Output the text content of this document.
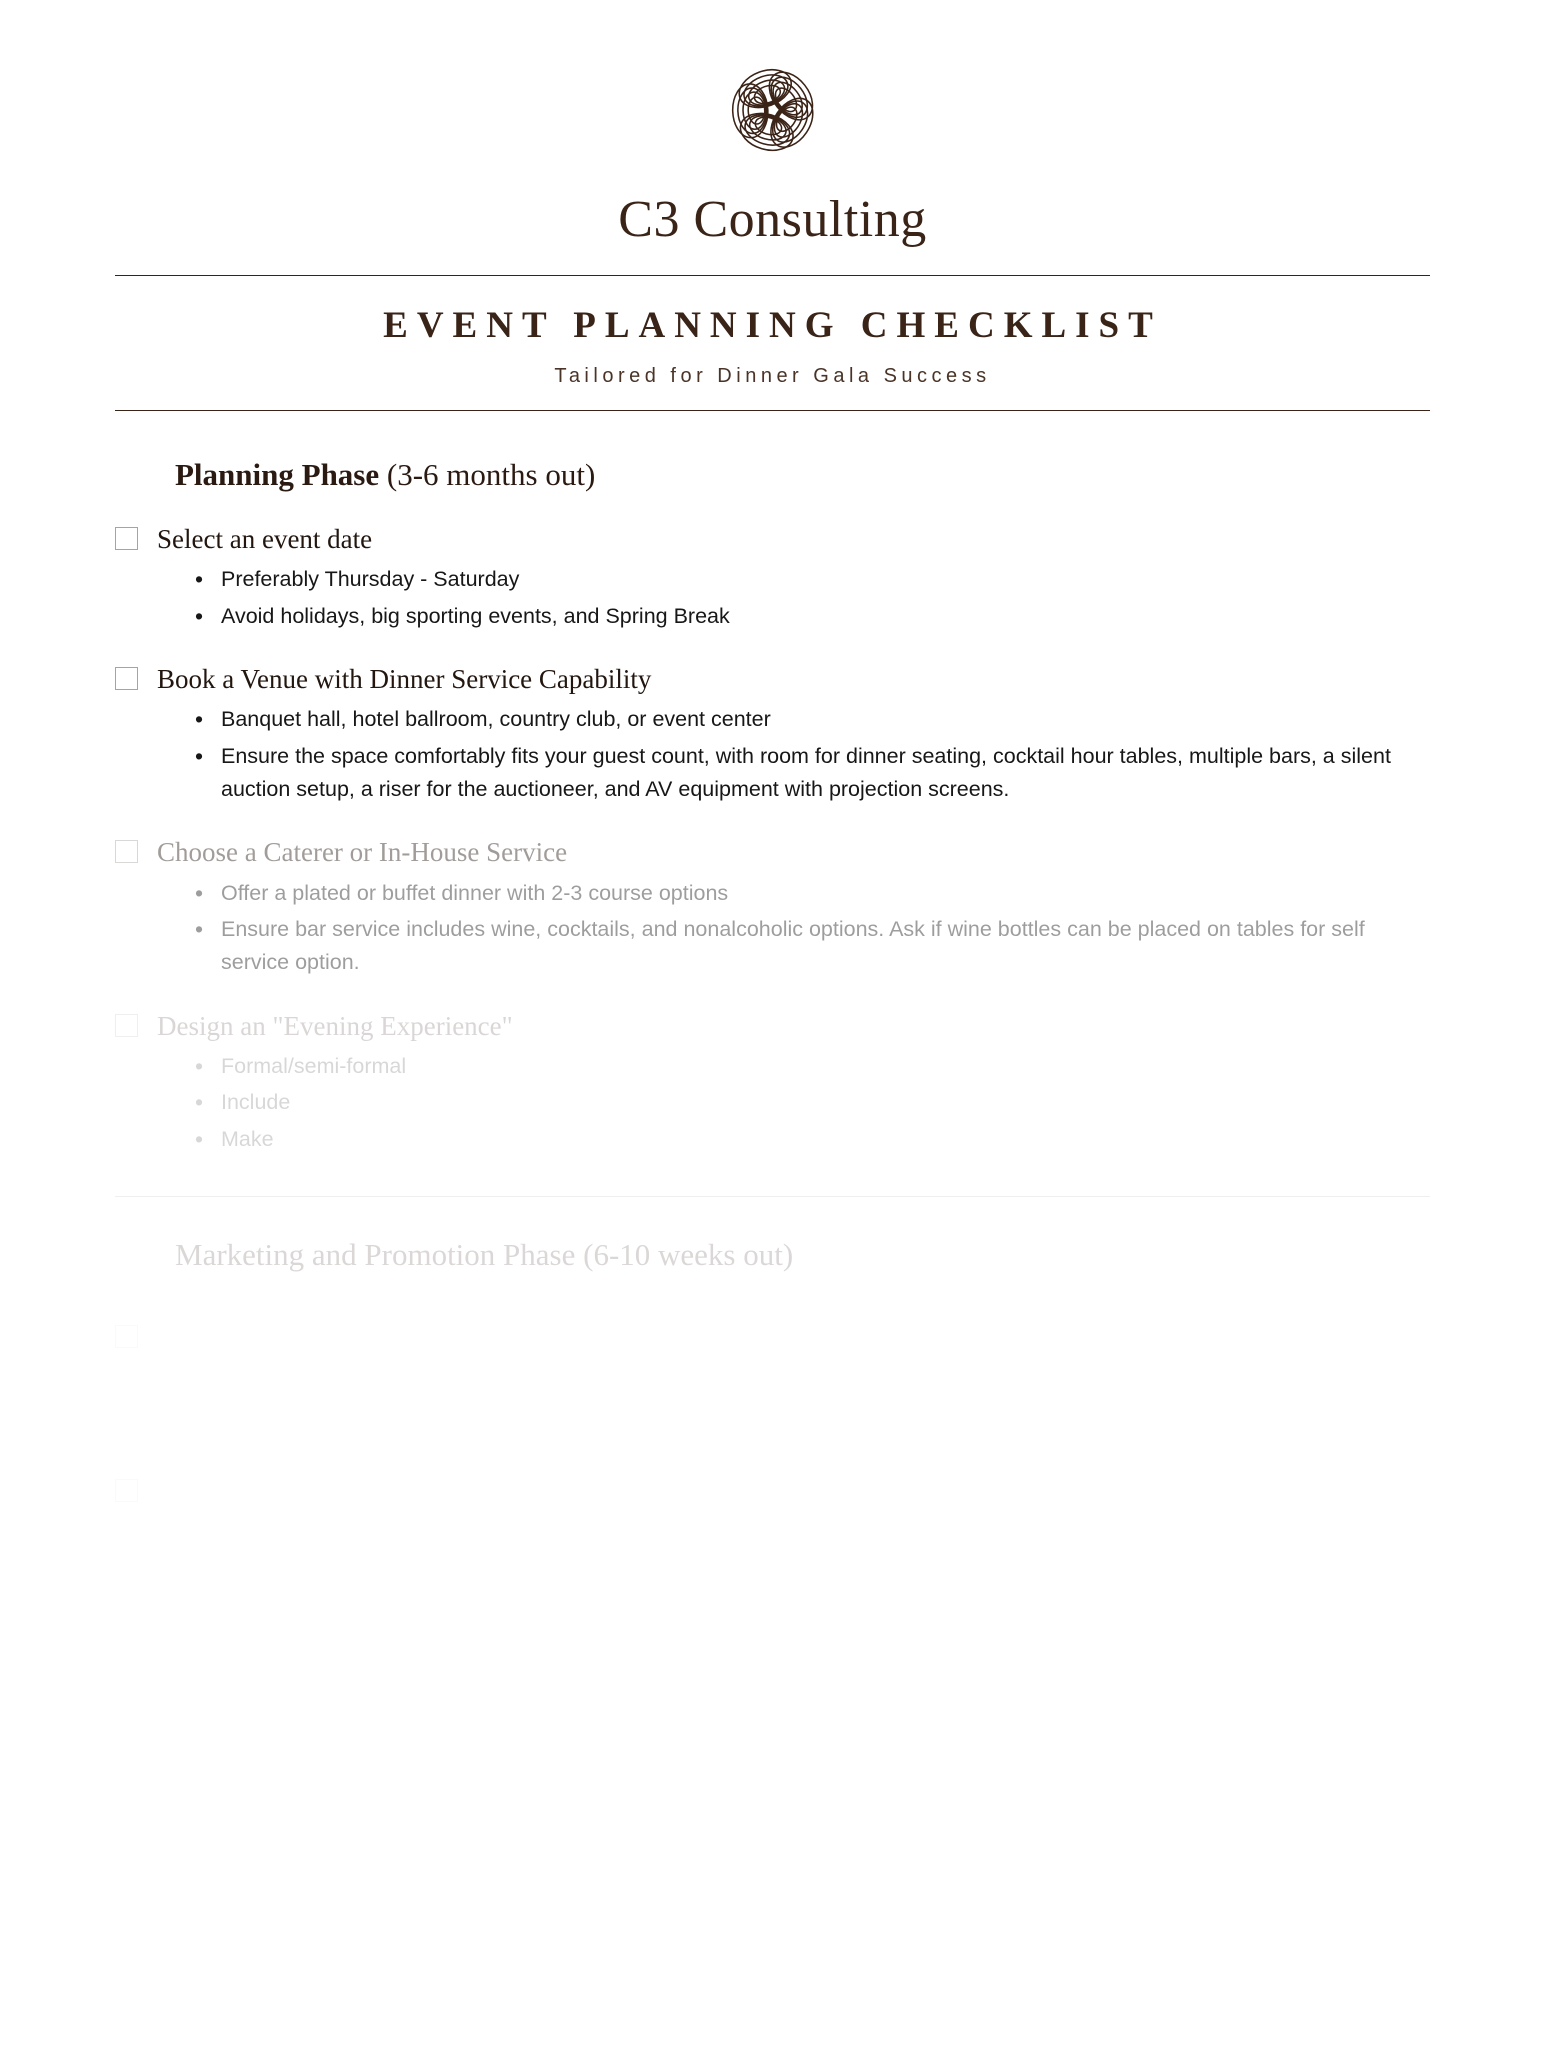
C3 Consulting
EVENT PLANNING CHECKLIST
Tailored for Dinner Gala Success
Planning Phase (3-6 months out)
Select an event date
• Preferably Thursday - Saturday
• Avoid holidays, big sporting events, and Spring Break
Book a Venue with Dinner Service Capability
• Banquet hall, hotel ballroom, country club, or event center
• Ensure the space comfortably fits your guest count, with room for dinner seating, cocktail hour tables, multiple bars, a silent auction setup, a riser for the auctioneer, and AV equipment with projection screens.
Choose a Caterer or In-House Service
• Offer a plated or buffet dinner with 2-3 course options
• Ensure bar service includes wine, cocktails, and nonalcoholic options. Ask if wine bottles can be placed on tables for self service option.
Design an "Evening Experience"
• Formal/semi-formal
• Include
• Make
Marketing and Promotion Phase (6-10 weeks out)
